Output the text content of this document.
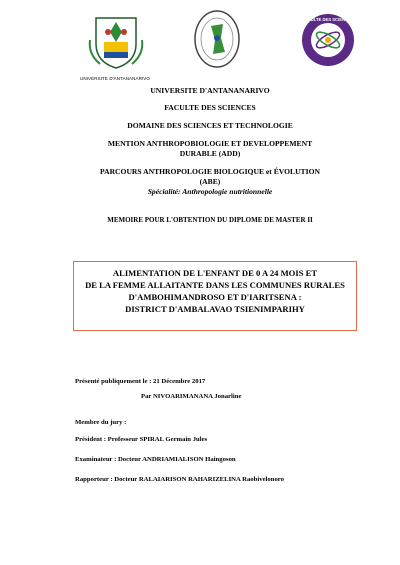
UNIVERSITE D'ANTANANARIVO
FACULTE DES SCIENCES
UNIVERSITE D'ANTANANARIVO
FACULTE DES SCIENCES
DOMAINE DES SCIENCES ET TECHNOLOGIE
MENTION ANTHROPOBIOLOGIE ET DEVELOPPEMENT
DURABLE (ADD)
PARCOURS ANTHROPOLOGIE BIOLOGIQUE et ÉVOLUTION
(ABE)
Spécialité: Anthropologie nutritionnelle
MEMOIRE POUR L'OBTENTION DU DIPLOME DE MASTER II
ALIMENTATION DE L'ENFANT DE 0 A 24 MOIS ET
DE LA FEMME ALLAITANTE DANS LES COMMUNES RURALES
D'AMBOHIMANDROSO ET D'IARITSENA :
DISTRICT D'AMBALAVAO TSIENIMPARIHY
Présenté publiquement le : 21 Décembre 2017
Par NIVOARIMANANA Jonarline
Membre du jury :
Président : Professeur SPIRAL Germain Jules
Examinateur : Docteur ANDRIAMIALISON Haingoson
Rapporteur : Docteur RALAIARISON RAHARIZELINA Raobivelonoro
